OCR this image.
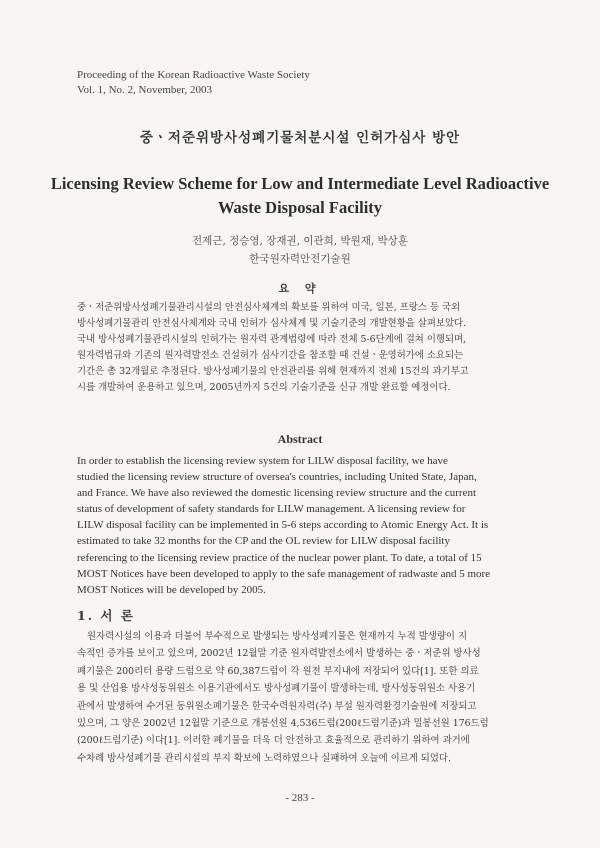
Proceeding of the Korean Radioactive Waste Society
Vol. 1, No. 2, November, 2003
중ㆍ저준위방사성폐기물처분시설 인허가심사 방안
Licensing Review Scheme for Low and Intermediate Level Radioactive
Waste Disposal Facility
전제근, 정승영, 장재권, 이관희, 박원재, 박상훈
한국원자력안전기술원
요 약
중ㆍ저준위방사성폐기물관리시설의 안전심사체계의 확보를 위하여 미국, 일본, 프랑스 등 국외
방사성폐기물관리 안전심사체계와 국내 인허가 심사체계 및 기술기준의 개발현황을 살펴보았다.
국내 방사성폐기물관리시설의 인허가는 원자력 관계법령에 따라 전체 5-6단계에 걸쳐 이행되며,
원자력법규와 기존의 원자력발전소 건설허가 심사기간을 참조할 때 건설ㆍ운영허가에 소요되는
기간은 총 32개월로 추정된다. 방사성폐기물의 안전관리를 위해 현재까지 전체 15건의 과기부고
시를 개발하여 운용하고 있으며, 2005년까지 5건의 기술기준을 신규 개발 완료할 예정이다.
Abstract
In order to establish the licensing review system for LILW disposal facility, we have
studied the licensing review structure of oversea's countries, including United State, Japan,
and France. We have also reviewed the domestic licensing review structure and the current
status of development of safety standards for LILW management. A licensing review for
LILW disposal facility can be implemented in 5-6 steps according to Atomic Energy Act. It is
estimated to take 32 months for the CP and the OL review for LILW disposal facility
referencing to the licensing review practice of the nuclear power plant. To date, a total of 15
MOST Notices have been developed to apply to the safe management of radwaste and 5 more
MOST Notices will be developed by 2005.
1. 서 론
원자력시설의 이용과 더불어 부수적으로 발생되는 방사성폐기물은 현재까지 누적 발생량이 지
속적인 증가를 보이고 있으며, 2002년 12월말 기준 원자력발전소에서 발생하는 중ㆍ저준위 방사성
폐기물은 200리터 용량 드럼으로 약 60,387드럼이 각 원전 부지내에 저장되어 있다[1]. 또한 의료
용 및 산업용 방사성동위원소 이용기관에서도 방사성폐기물이 발생하는데, 방사성동위원소 사용기
관에서 발생하여 수거된 동위원소폐기물은 한국수력원자력(주) 부설 원자력환경기술원에 저장되고
있으며, 그 양은 2002년 12월말 기준으로 개봉선원 4,536드럼(200ℓ드럼기준)과 밀봉선원 176드럼
(200ℓ드럼기준) 이다[1]. 이러한 폐기물을 더욱 더 안전하고 효율적으로 관리하기 위하여 과거에
수차례 방사성폐기물 관리시설의 부지 확보에 노력하였으나 실패하여 오늘에 이르게 되었다.
- 283 -
